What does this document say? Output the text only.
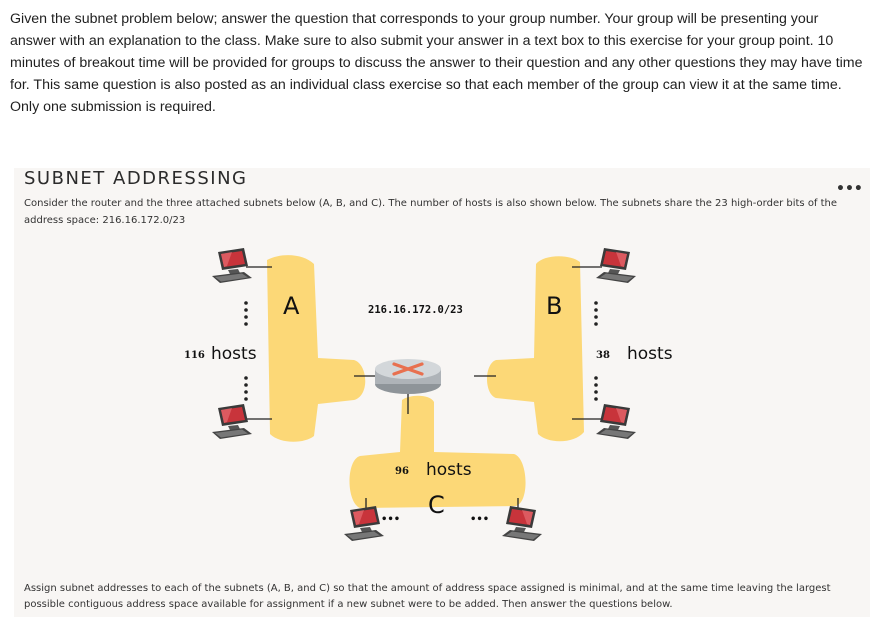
Given the subnet problem below; answer the question that corresponds to your group number. Your group will be presenting your answer with an explanation to the class. Make sure to also submit your answer in a text box to this exercise for your group point. 10 minutes of breakout time will be provided for groups to discuss the answer to their question and any other questions they may have time for. This same question is also posted as an individual class exercise so that each member of the group can view it at the same time. Only one submission is required.
SUBNET ADDRESSING	•••
Consider the router and the three attached subnets below (A, B, and C). The number of hosts is also shown below. The subnets share the 23 high-order bits of the address space: 216.16.172.0/23
A	B
C
216.16.172.0/23
116 hosts	38 hosts
96 hosts
•••	•••
Assign subnet addresses to each of the subnets (A, B, and C) so that the amount of address space assigned is minimal, and at the same time leaving the largest possible contiguous address space available for assignment if a new subnet were to be added. Then answer the questions below.
